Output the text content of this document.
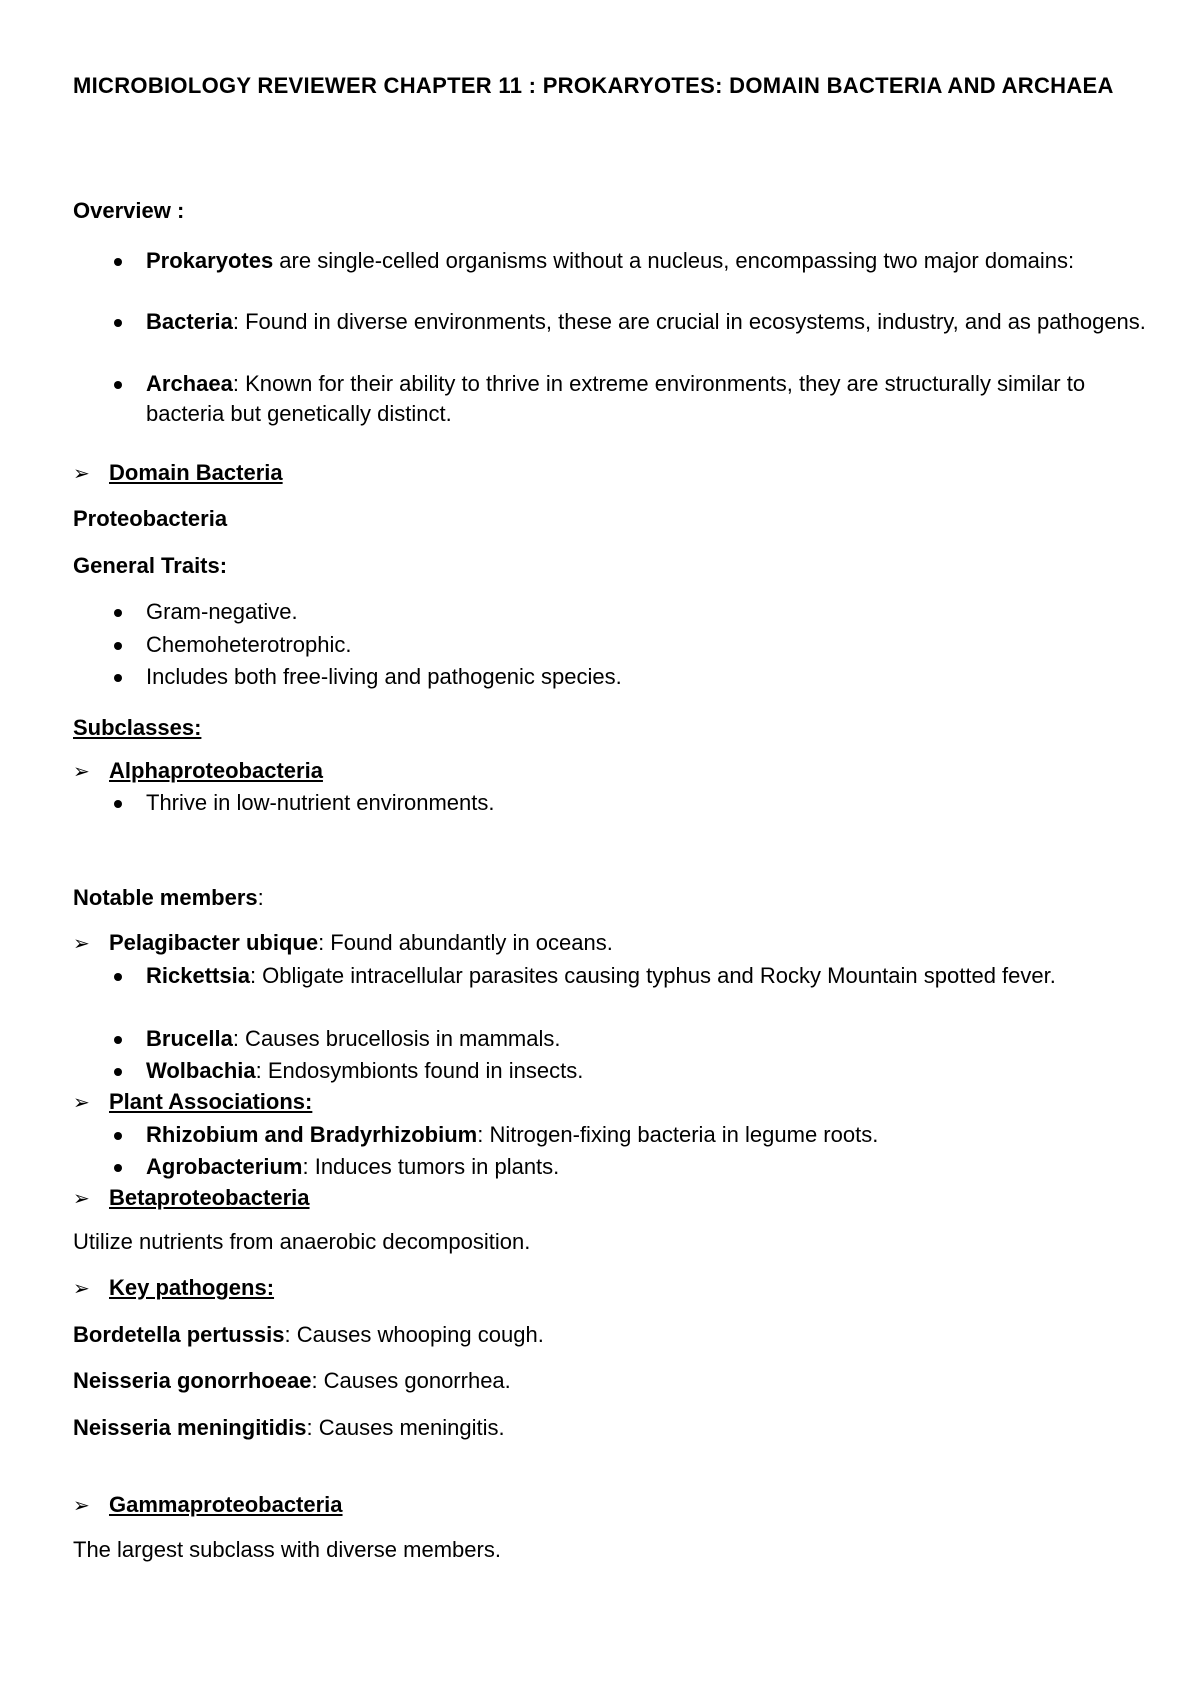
MICROBIOLOGY REVIEWER CHAPTER 11 : PROKARYOTES: DOMAIN BACTERIA AND ARCHAEA
Overview :
Prokaryotes are single-celled organisms without a nucleus, encompassing two major domains:
Bacteria: Found in diverse environments, these are crucial in ecosystems, industry, and as pathogens.
Archaea: Known for their ability to thrive in extreme environments, they are structurally similar to bacteria but genetically distinct.
➢ Domain Bacteria
Proteobacteria
General Traits:
Gram-negative.
Chemoheterotrophic.
Includes both free-living and pathogenic species.
Subclasses:
➢ Alphaproteobacteria
Thrive in low-nutrient environments.
Notable members:
➢ Pelagibacter ubique: Found abundantly in oceans.
Rickettsia: Obligate intracellular parasites causing typhus and Rocky Mountain spotted fever.
Brucella: Causes brucellosis in mammals.
Wolbachia: Endosymbionts found in insects.
➢ Plant Associations:
Rhizobium and Bradyrhizobium: Nitrogen-fixing bacteria in legume roots.
Agrobacterium: Induces tumors in plants.
➢ Betaproteobacteria
Utilize nutrients from anaerobic decomposition.
➢ Key pathogens:
Bordetella pertussis: Causes whooping cough.
Neisseria gonorrhoeae: Causes gonorrhea.
Neisseria meningitidis: Causes meningitis.
➢ Gammaproteobacteria
The largest subclass with diverse members.
